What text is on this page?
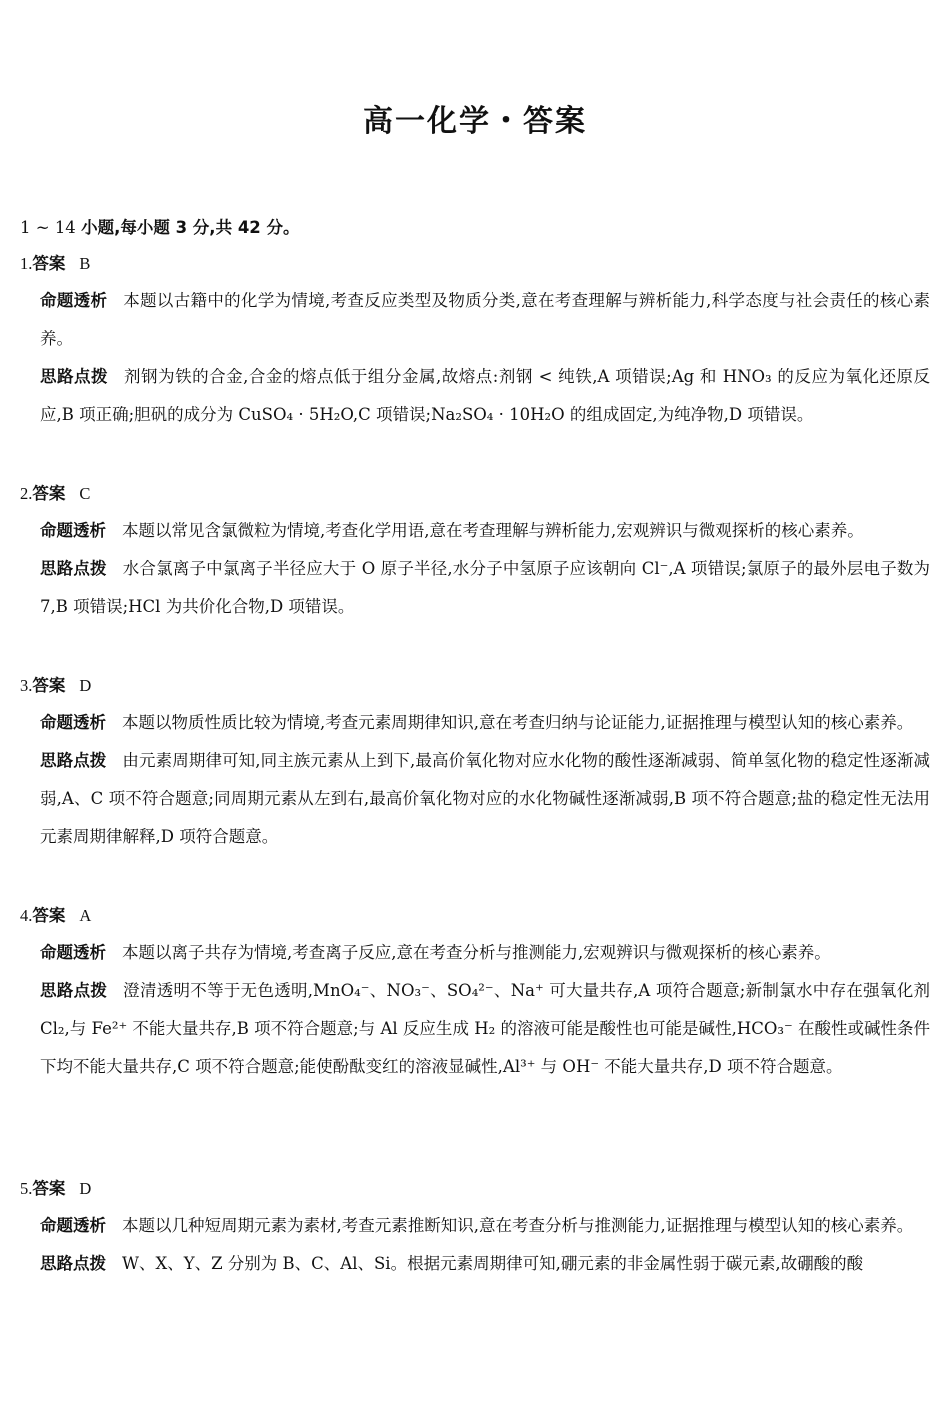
高一化学・答案
1 ~ 14 小题,每小题 3 分,共 42 分。
1.答案 B
命题透析 本题以古籍中的化学为情境,考查反应类型及物质分类,意在考查理解与辨析能力,科学态度与社会责任的核心素养。
思路点拨 剂钢为铁的合金,合金的熔点低于组分金属,故熔点:剂钢 < 纯铁,A 项错误;Ag 和 HNO₃ 的反应为氧化还原反应,B 项正确;胆矾的成分为 CuSO₄ · 5H₂O,C 项错误;Na₂SO₄ · 10H₂O 的组成固定,为纯净物,D 项错误。
2.答案 C
命题透析 本题以常见含氯微粒为情境,考查化学用语,意在考查理解与辨析能力,宏观辨识与微观探析的核心素养。
思路点拨 水合氯离子中氯离子半径应大于 O 原子半径,水分子中氢原子应该朝向 Cl⁻,A 项错误;氯原子的最外层电子数为 7,B 项错误;HCl 为共价化合物,D 项错误。
3.答案 D
命题透析 本题以物质性质比较为情境,考查元素周期律知识,意在考查归纳与论证能力,证据推理与模型认知的核心素养。
思路点拨 由元素周期律可知,同主族元素从上到下,最高价氧化物对应水化物的酸性逐渐减弱、简单氢化物的稳定性逐渐减弱,A、C 项不符合题意;同周期元素从左到右,最高价氧化物对应的水化物碱性逐渐减弱,B 项不符合题意;盐的稳定性无法用元素周期律解释,D 项符合题意。
4.答案 A
命题透析 本题以离子共存为情境,考查离子反应,意在考查分析与推测能力,宏观辨识与微观探析的核心素养。
思路点拨 澄清透明不等于无色透明,MnO₄⁻、NO₃⁻、SO₄²⁻、Na⁺ 可大量共存,A 项符合题意;新制氯水中存在强氧化剂 Cl₂,与 Fe²⁺ 不能大量共存,B 项不符合题意;与 Al 反应生成 H₂ 的溶液可能是酸性也可能是碱性,HCO₃⁻ 在酸性或碱性条件下均不能大量共存,C 项不符合题意;能使酚酞变红的溶液显碱性,Al³⁺ 与 OH⁻ 不能大量共存,D 项不符合题意。
5.答案 D
命题透析 本题以几种短周期元素为素材,考查元素推断知识,意在考查分析与推测能力,证据推理与模型认知的核心素养。
思路点拨 W、X、Y、Z 分别为 B、C、Al、Si。根据元素周期律可知,硼元素的非金属性弱于碳元素,故硼酸的酸
